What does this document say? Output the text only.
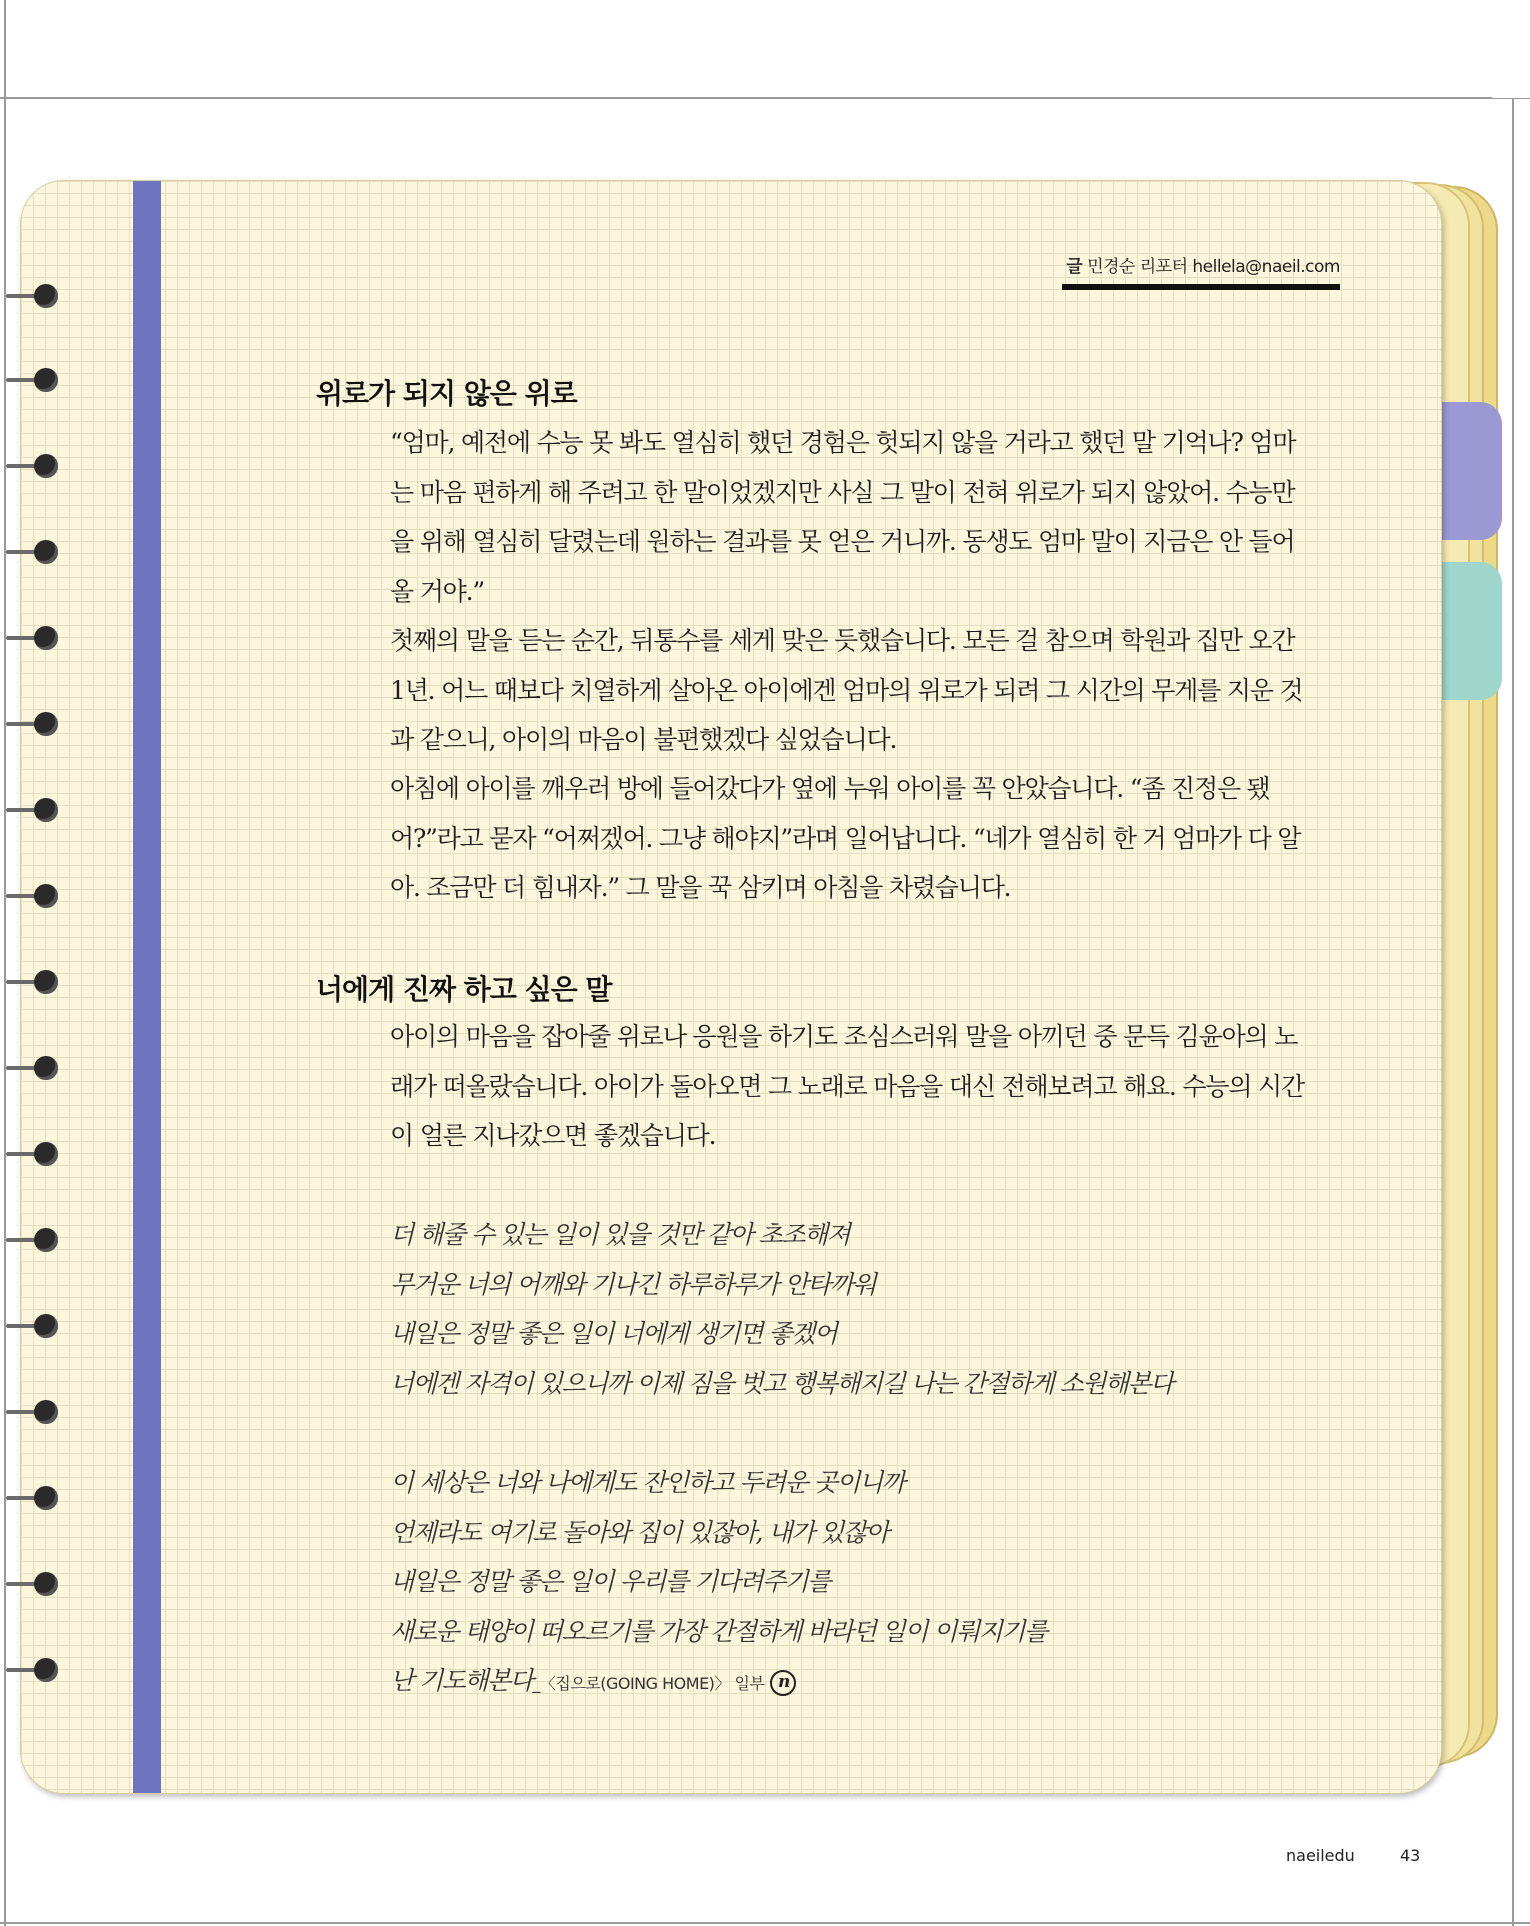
글 민경순 리포터 hellela@naeil.com
위로가 되지 않은 위로

“엄마, 예전에 수능 못 봐도 열심히 했던 경험은 헛되지 않을 거라고 했던 말 기억나? 엄마는 마음 편하게 해 주려고 한 말이었겠지만 사실 그 말이 전혀 위로가 되지 않았어. 수능만을 위해 열심히 달렸는데 원하는 결과를 못 얻은 거니까. 동생도 엄마 말이 지금은 안 들어올 거야.”

첫째의 말을 듣는 순간, 뒤통수를 세게 맞은 듯했습니다. 모든 걸 참으며 학원과 집만 오간 1년. 어느 때보다 치열하게 살아온 아이에겐 엄마의 위로가 되려 그 시간의 무게를 지운 것과 같으니, 아이의 마음이 불편했겠다 싶었습니다.

아침에 아이를 깨우러 방에 들어갔다가 옆에 누워 아이를 꼭 안았습니다. “좀 진정은 됐어?”라고 묻자 “어쩌겠어. 그냥 해야지”라며 일어납니다. “네가 열심히 한 거 엄마가 다 알아. 조금만 더 힘내자.” 그 말을 꾹 삼키며 아침을 차렸습니다.

너에게 진짜 하고 싶은 말

아이의 마음을 잡아줄 위로나 응원을 하기도 조심스러워 말을 아끼던 중 문득 김윤아의 노래가 떠올랐습니다. 아이가 돌아오면 그 노래로 마음을 대신 전해보려고 해요. 수능의 시간이 얼른 지나갔으면 좋겠습니다.

더 해줄 수 있는 일이 있을 것만 같아 초조해져
무거운 너의 어깨와 기나긴 하루하루가 안타까워
내일은 정말 좋은 일이 너에게 생기면 좋겠어
너에겐 자격이 있으니까 이제 짐을 벗고 행복해지길 나는 간절하게 소원해본다
이 세상은 너와 나에게도 잔인하고 두려운 곳이니까
언제라도 여기로 돌아와 집이 있잖아, 내가 있잖아
내일은 정말 좋은 일이 우리를 기다려주기를
새로운 태양이 떠오르기를 가장 간절하게 바라던 일이 이뤄지기를
난 기도해본다_〈집으로(GOING HOME)〉 일부 n
naeiledu	43
